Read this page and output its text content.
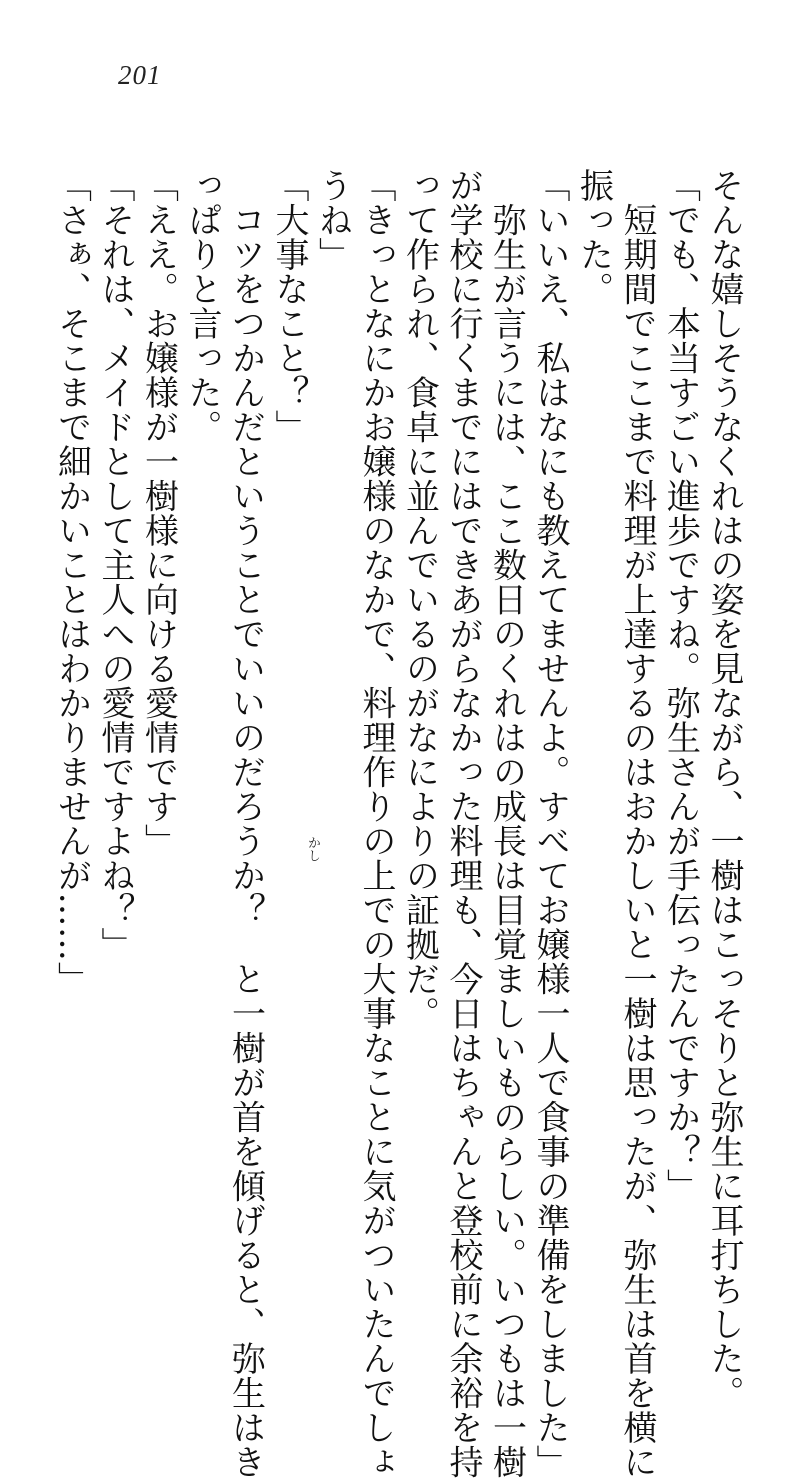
201
そんな嬉しそうなくれはの姿を見ながら、一樹はこっそりと弥生に耳打ちした。
「でも、本当すごい進歩ですね。弥生さんが手伝ったんですか？」
　短期間でここまで料理が上達するのはおかしいと一樹は思ったが、弥生は首を横に
振った。
「いいえ、私はなにも教えてませんよ。すべてお嬢様一人で食事の準備をしました」
　弥生が言うには、ここ数日のくれはの成長は目覚ましいものらしい。いつもは一樹
が学校に行くまでにはできあがらなかった料理も、今日はちゃんと登校前に余裕を持
って作られ、食卓に並んでいるのがなによりの証拠だ。
「きっとなにかお嬢様のなかで、料理作りの上での大事なことに気がついたんでしょ
うね」
「大事なこと？」
　コツをつかんだということでいいのだろうか？　と一樹が首を傾げると、弥生はき
っぱりと言った。
「ええ。お嬢様が一樹様に向ける愛情です」
「それは、メイドとして主人への愛情ですよね？」
「さぁ、そこまで細かいことはわかりませんが……」	かし
